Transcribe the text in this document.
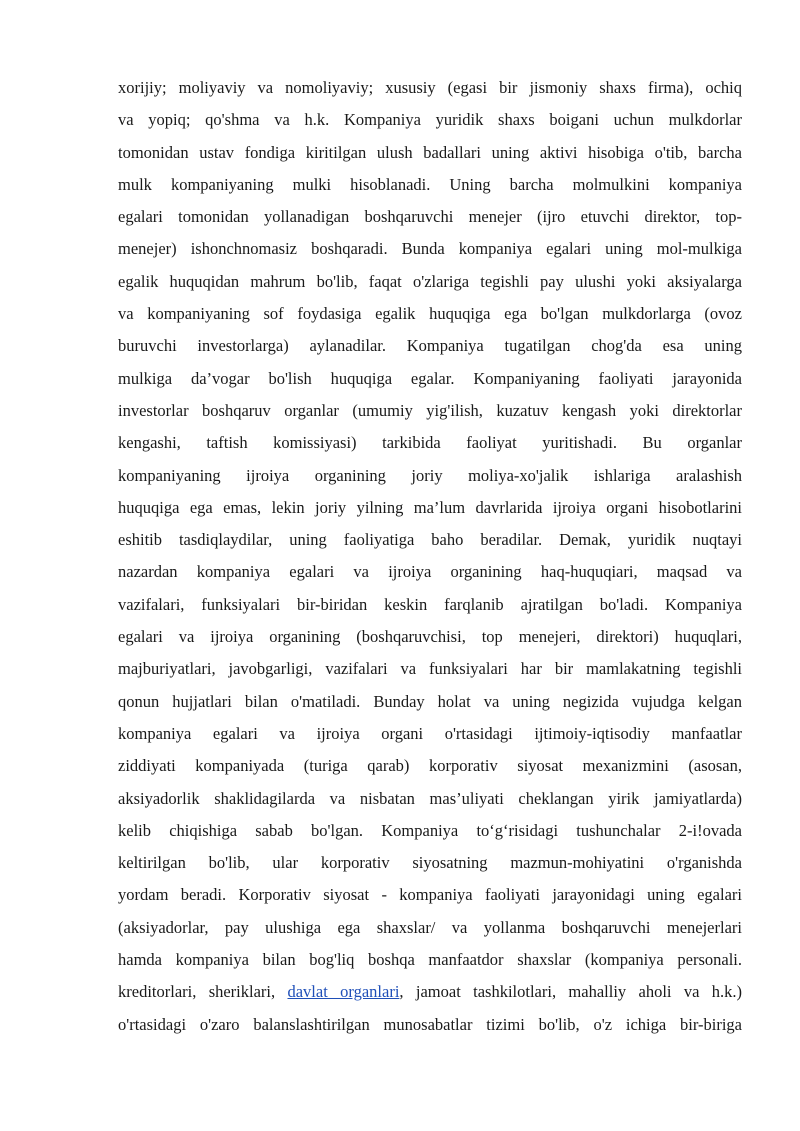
xorijiy; moliyaviy va nomoliyaviy; xususiy (egasi bir jismoniy shaxs firma), ochiq
va yopiq; qo'shma va h.k. Kompaniya yuridik shaxs boigani uchun mulkdorlar
tomonidan ustav fondiga kiritilgan ulush badallari uning aktivi hisobiga o'tib, barcha
mulk kompaniyaning mulki hisoblanadi. Uning barcha molmulkini kompaniya
egalari tomonidan yollanadigan boshqaruvchi menejer (ijro etuvchi direktor, top-
menejer) ishonchnomasiz boshqaradi. Bunda kompaniya egalari uning mol-mulkiga
egalik huquqidan mahrum bo'lib, faqat o'zlariga tegishli pay ulushi yoki aksiyalarga
va kompaniyaning sof foydasiga egalik huquqiga ega bo'lgan mulkdorlarga (ovoz
buruvchi investorlarga) aylanadilar. Kompaniya tugatilgan chog'da esa uning
mulkiga da’vogar bo'lish huquqiga egalar. Kompaniyaning faoliyati jarayonida
investorlar boshqaruv organlar (umumiy yig'ilish, kuzatuv kengash yoki direktorlar
kengashi, taftish komissiyasi) tarkibida faoliyat yuritishadi. Bu organlar
kompaniyaning ijroiya organining joriy moliya-xo'jalik ishlariga aralashish
huquqiga ega emas, lekin joriy yilning ma’lum davrlarida ijroiya organi hisobotlarini
eshitib tasdiqlaydilar, uning faoliyatiga baho beradilar. Demak, yuridik nuqtayi
nazardan kompaniya egalari va ijroiya organining haq-huquqiari, maqsad va
vazifalari, funksiyalari bir-biridan keskin farqlanib ajratilgan bo'ladi. Kompaniya
egalari va ijroiya organining (boshqaruvchisi, top menejeri, direktori) huquqlari,
majburiyatlari, javobgarligi, vazifalari va funksiyalari har bir mamlakatning tegishli
qonun hujjatlari bilan o'matiladi. Bunday holat va uning negizida vujudga kelgan
kompaniya egalari va ijroiya organi o'rtasidagi ijtimoiy-iqtisodiy manfaatlar
ziddiyati kompaniyada (turiga qarab) korporativ siyosat mexanizmini (asosan,
aksiyadorlik shaklidagilarda va nisbatan mas’uliyati cheklangan yirik jamiyatlarda)
kelib chiqishiga sabab bo'lgan. Kompaniya to‘g‘risidagi tushunchalar 2-i!ovada
keltirilgan bo'lib, ular korporativ siyosatning mazmun-mohiyatini o'rganishda
yordam beradi. Korporativ siyosat - kompaniya faoliyati jarayonidagi uning egalari
(aksiyadorlar, pay ulushiga ega shaxslar/ va yollanma boshqaruvchi menejerlari
hamda kompaniya bilan bog'liq boshqa manfaatdor shaxslar (kompaniya personali.
kreditorlari, sheriklari, davlat organlari, jamoat tashkilotlari, mahalliy aholi va h.k.)
o'rtasidagi o'zaro balanslashtirilgan munosabatlar tizimi bo'lib, o'z ichiga bir-biriga
